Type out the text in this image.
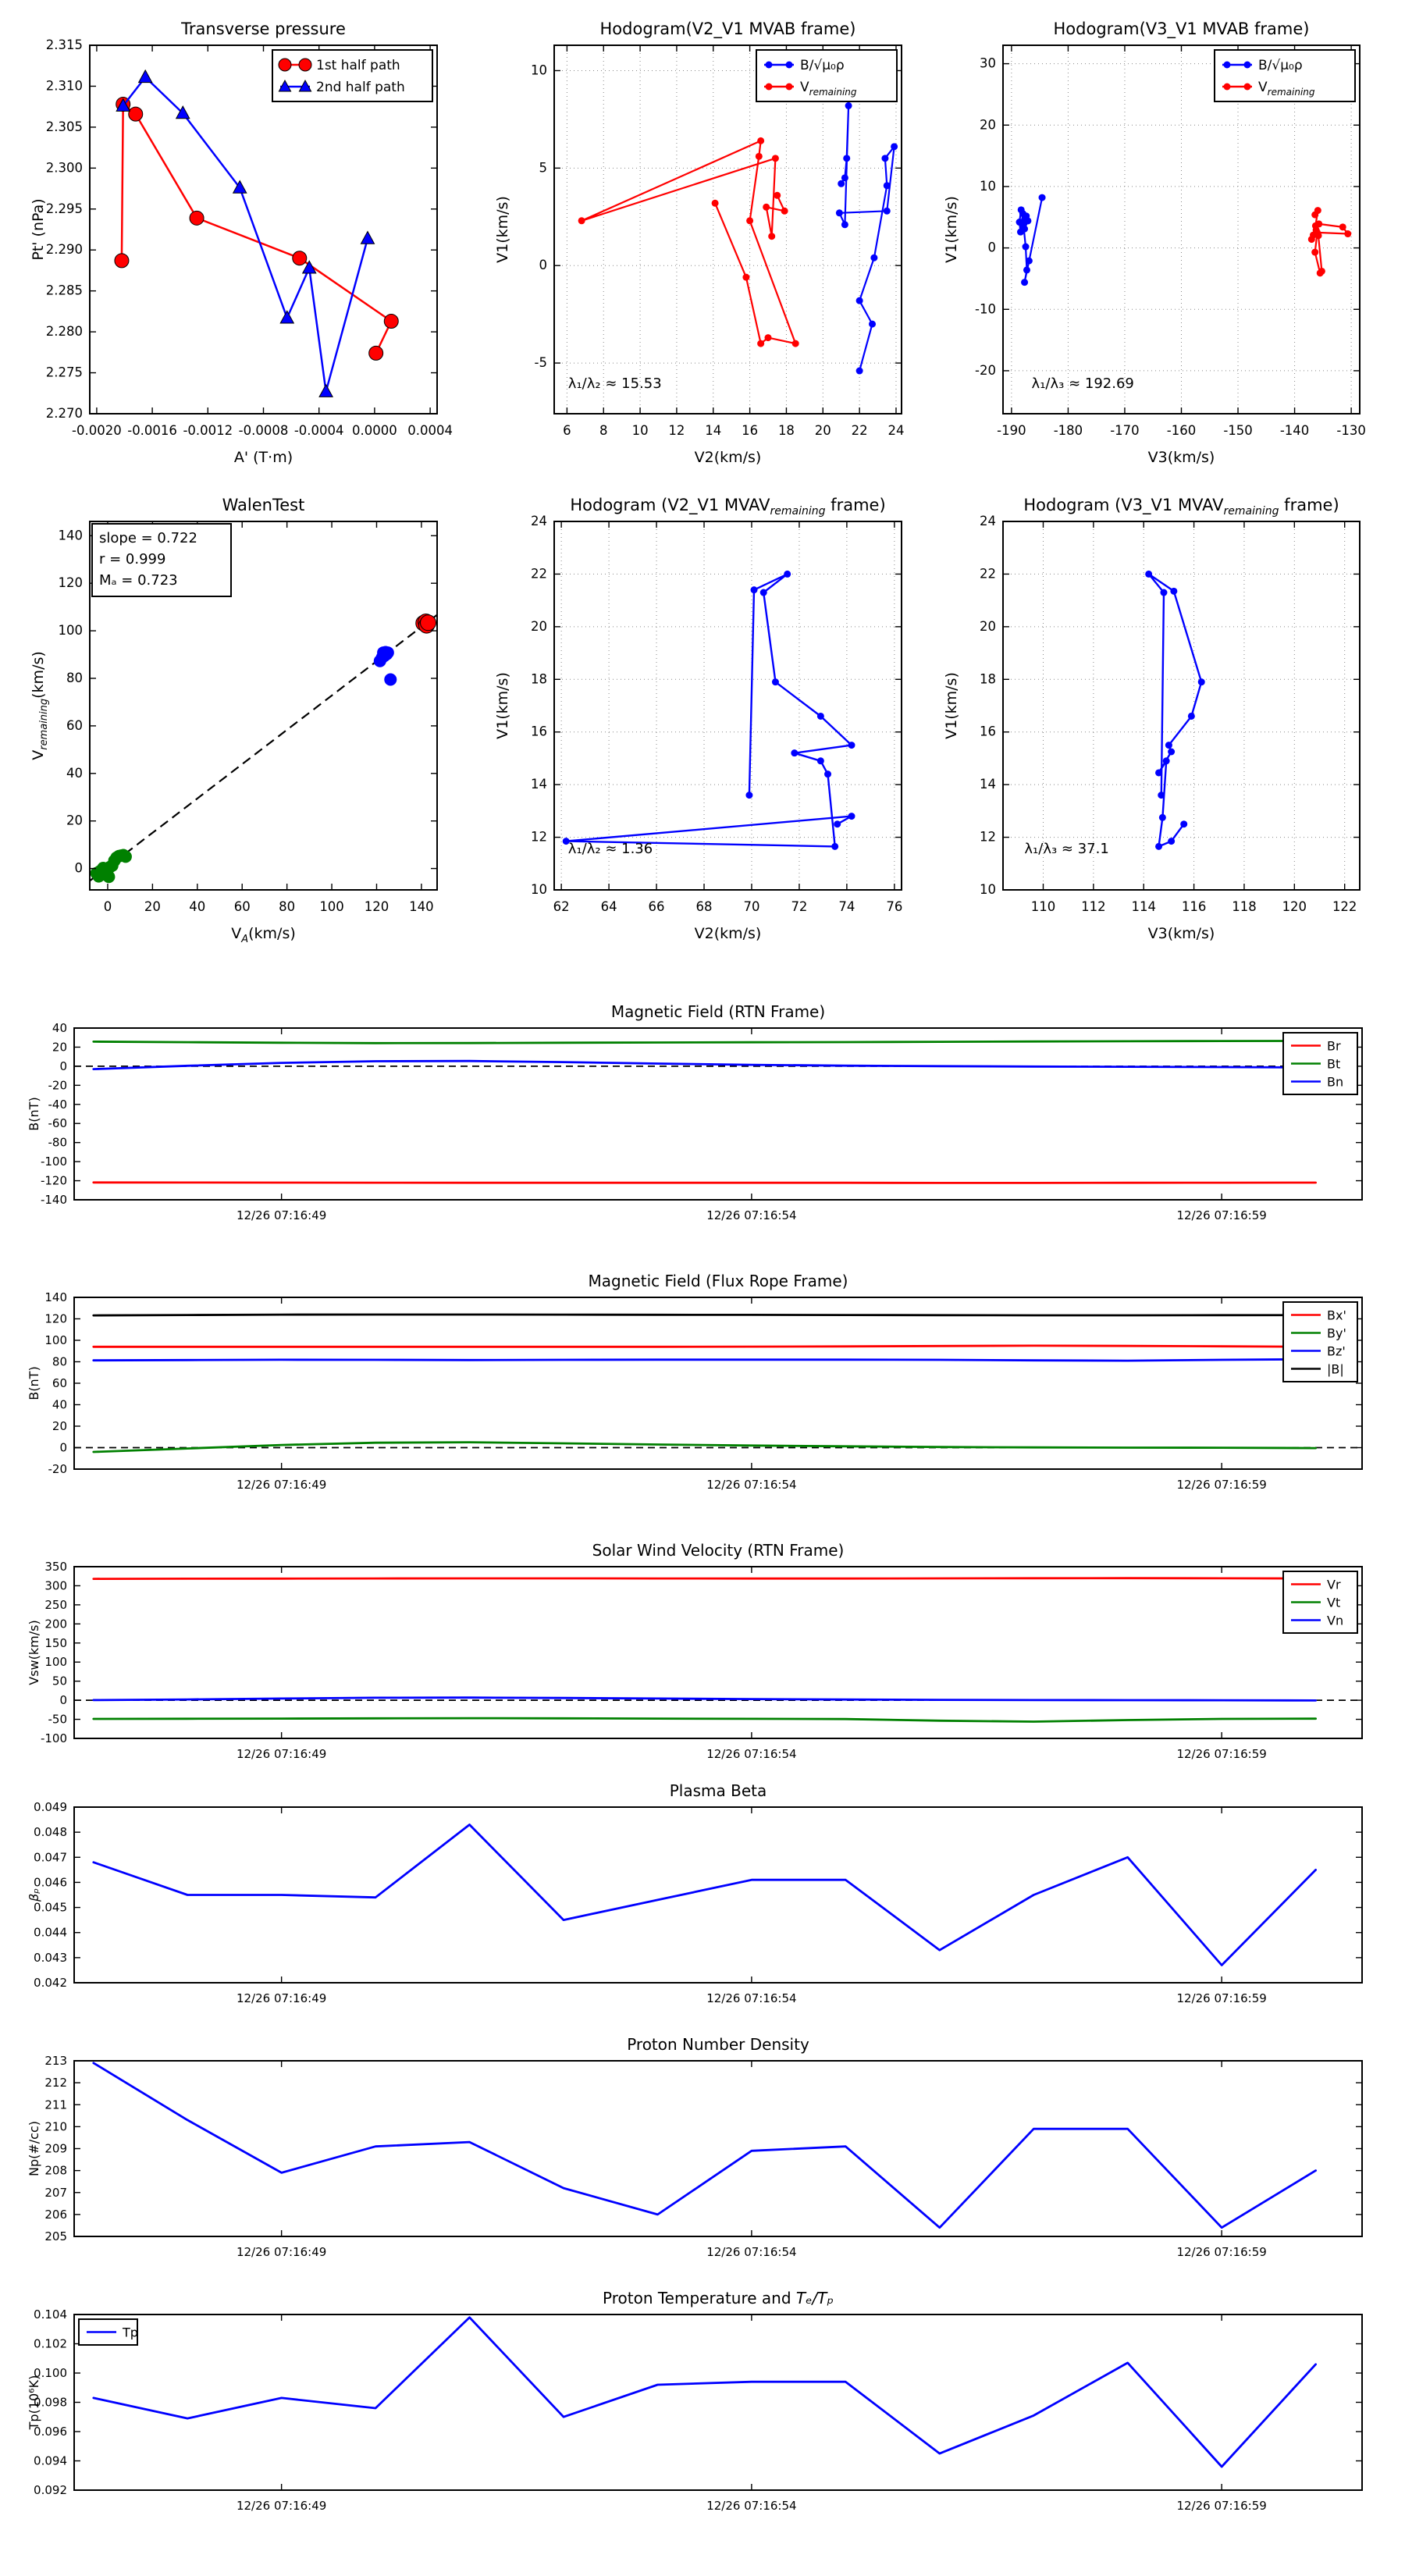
-0.0020 -0.0016 -0.0012 -0.0008 -0.0004 0.0000 0.0004
2.270
2.275
2.280
2.285
2.290
2.295
2.300
2.305
2.310
2.315
Transverse pressure
A' (T·m)
Pt' (nPa)
1st half path
2nd half path
6 8 10 12 14 16 18 20 22 24
-5
0
5
10
Hodogram(V2_V1 MVAB frame)
V2(km/s)
V1(km/s)
λ₁/λ₂ ≈ 15.53
B/√μ₀ρ
$V_{remaining}$
-190 -180 -170 -160 -150 -140 -130
-20
-10
0
10
20
30
Hodogram(V3_V1 MVAB frame)
V3(km/s)
V1(km/s)
λ₁/λ₃ ≈ 192.69
B/√μ₀ρ
$V_{remaining}$
0	20 40 60 80 100 120 140
0
20
40
60
80
100
120
140
WalenTest
$V_A(km/s)$
$V_{remaining}(km/s)$
slope = 0.722
r = 0.999
Mₐ = 0.723
62 64 66 68 70 72 74 76
10
12
14
16
18
20
22
24
Hodogram (V2_V1 $MVAV_{remaining}$ frame)
V2(km/s)
V1(km/s)
λ₁/λ₂ ≈ 1.36
110 112 114 116 118 120 122
10
12
14
16
18
20
22
24
Hodogram (V3_V1 $MVAV_{remaining}$ frame)
V3(km/s)
V1(km/s)
λ₁/λ₃ ≈ 37.1
12/26 07:16:49	12/26 07:16:54	12/26 07:16:59
-140
-120
-100
-80
-60
-40
-20
0
20
40
Magnetic Field (RTN Frame)
B(nT)
Br
Bt
Bn
12/26 07:16:49	12/26 07:16:54	12/26 07:16:59
-20
0
20
40
60
80
100
120
140
Magnetic Field (Flux Rope Frame)
B(nT)
Bx'
By'
Bz'
|B|
12/26 07:16:49	12/26 07:16:54	12/26 07:16:59
-100
-50
0
50
100
150
200
250
300
350
Solar Wind Velocity (RTN Frame)
Vsw(km/s)
Vr
Vt
Vn
12/26 07:16:49	12/26 07:16:54	12/26 07:16:59
0.042
0.043
0.044
0.045
0.046
0.047
0.048
0.049
Plasma Beta
βₚ
12/26 07:16:49	12/26 07:16:54	12/26 07:16:59
205
206
207
208
209
210
211
212
213
Proton Number Density
Np(#/cc)
12/26 07:16:49	12/26 07:16:54	12/26 07:16:59
0.092
0.094
0.096
0.098
0.100
0.102
0.104
Proton Temperature and Tₑ/Tₚ
Tp(10⁶K)
Tp
